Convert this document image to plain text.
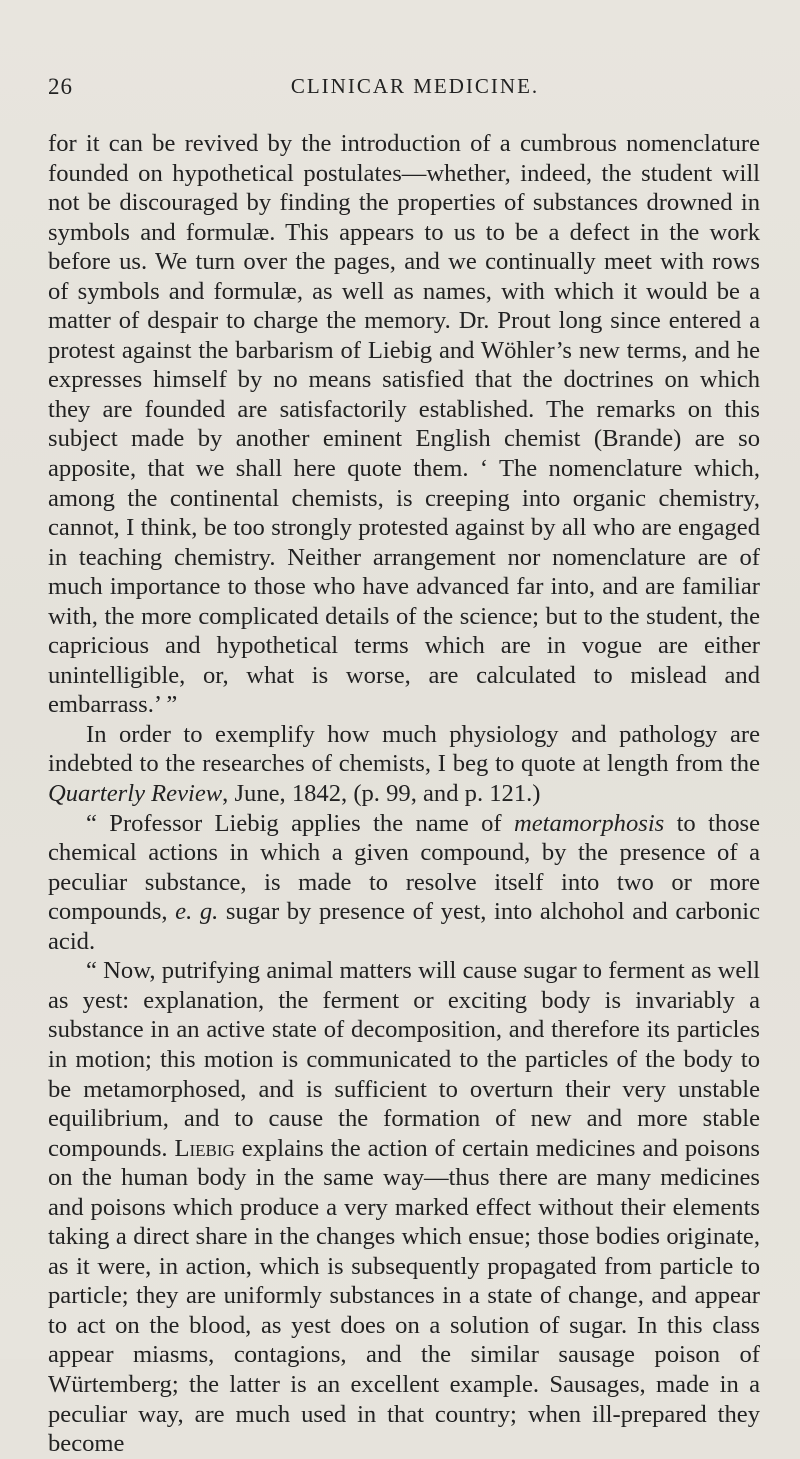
26	CLINICAR MEDICINE.

for it can be revived by the introduction of a cumbrous nomenclature founded on hypothetical postulates—whether, indeed, the student will not be discouraged by finding the properties of substances drowned in symbols and formulæ. This appears to us to be a defect in the work before us. We turn over the pages, and we continually meet with rows of symbols and formulæ, as well as names, with which it would be a matter of despair to charge the memory. Dr. Prout long since entered a protest against the barbarism of Liebig and Wöhler’s new terms, and he expresses himself by no means satisfied that the doctrines on which they are founded are satisfactorily established. The remarks on this subject made by another eminent English chemist (Brande) are so apposite, that we shall here quote them. ‘ The nomenclature which, among the continental chemists, is creeping into organic chemistry, cannot, I think, be too strongly protested against by all who are engaged in teaching chemistry. Neither arrangement nor nomenclature are of much importance to those who have advanced far into, and are familiar with, the more complicated details of the science; but to the student, the capricious and hypothetical terms which are in vogue are either unintelligible, or, what is worse, are calculated to mislead and embarrass.’ ”

In order to exemplify how much physiology and pathology are indebted to the researches of chemists, I beg to quote at length from the Quarterly Review, June, 1842, (p. 99, and p. 121.)

“ Professor Liebig applies the name of metamorphosis to those chemical actions in which a given compound, by the presence of a peculiar substance, is made to resolve itself into two or more compounds, e. g. sugar by presence of yest, into alchohol and carbonic acid.

“ Now, putrifying animal matters will cause sugar to ferment as well as yest: explanation, the ferment or exciting body is invariably a substance in an active state of decomposition, and therefore its particles in motion; this motion is communicated to the particles of the body to be metamorphosed, and is sufficient to overturn their very unstable equilibrium, and to cause the formation of new and more stable compounds. Liebig explains the action of certain medicines and poisons on the human body in the same way—thus there are many medicines and poisons which produce a very marked effect without their elements taking a direct share in the changes which ensue; those bodies originate, as it were, in action, which is subsequently propagated from particle to particle; they are uniformly substances in a state of change, and appear to act on the blood, as yest does on a solution of sugar. In this class appear miasms, contagions, and the similar sausage poison of Würtemberg; the latter is an excellent example. Sausages, made in a peculiar way, are much used in that country; when ill-prepared they become
